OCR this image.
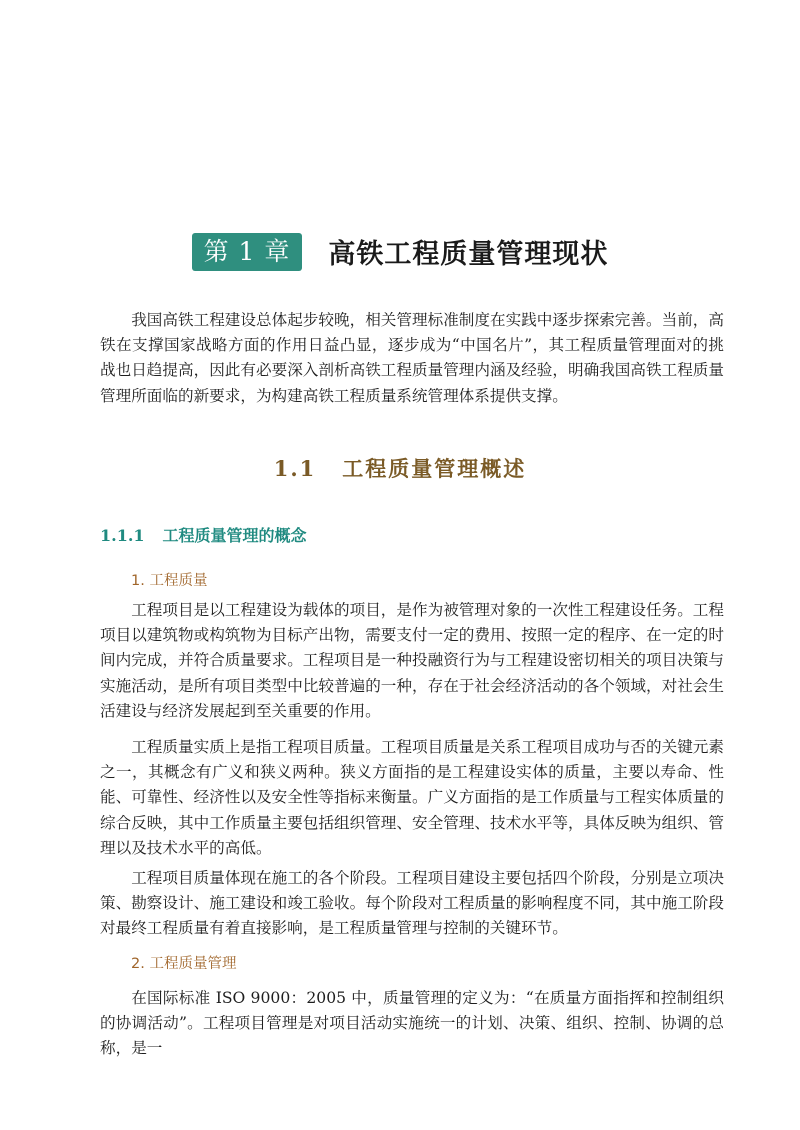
第 1 章	高铁工程质量管理现状

我国高铁工程建设总体起步较晚，相关管理标准制度在实践中逐步探索完善。当前，高铁在支撑国家战略方面的作用日益凸显，逐步成为“中国名片”，其工程质量管理面对的挑战也日趋提高，因此有必要深入剖析高铁工程质量管理内涵及经验，明确我国高铁工程质量管理所面临的新要求，为构建高铁工程质量系统管理体系提供支撑。

1.1 工程质量管理概述
1.1.1 工程质量管理的概念
1. 工程质量

工程项目是以工程建设为载体的项目，是作为被管理对象的一次性工程建设任务。工程项目以建筑物或构筑物为目标产出物，需要支付一定的费用、按照一定的程序、在一定的时间内完成，并符合质量要求。工程项目是一种投融资行为与工程建设密切相关的项目决策与实施活动，是所有项目类型中比较普遍的一种，存在于社会经济活动的各个领域，对社会生活建设与经济发展起到至关重要的作用。

工程质量实质上是指工程项目质量。工程项目质量是关系工程项目成功与否的关键元素之一，其概念有广义和狭义两种。狭义方面指的是工程建设实体的质量，主要以寿命、性能、可靠性、经济性以及安全性等指标来衡量。广义方面指的是工作质量与工程实体质量的综合反映，其中工作质量主要包括组织管理、安全管理、技术水平等，具体反映为组织、管理以及技术水平的高低。

工程项目质量体现在施工的各个阶段。工程项目建设主要包括四个阶段，分别是立项决策、勘察设计、施工建设和竣工验收。每个阶段对工程质量的影响程度不同，其中施工阶段对最终工程质量有着直接影响，是工程质量管理与控制的关键环节。

2. 工程质量管理

在国际标准 ISO 9000：2005 中，质量管理的定义为：“在质量方面指挥和控制组织的协调活动”。工程项目管理是对项目活动实施统一的计划、决策、组织、控制、协调的总称，是一
